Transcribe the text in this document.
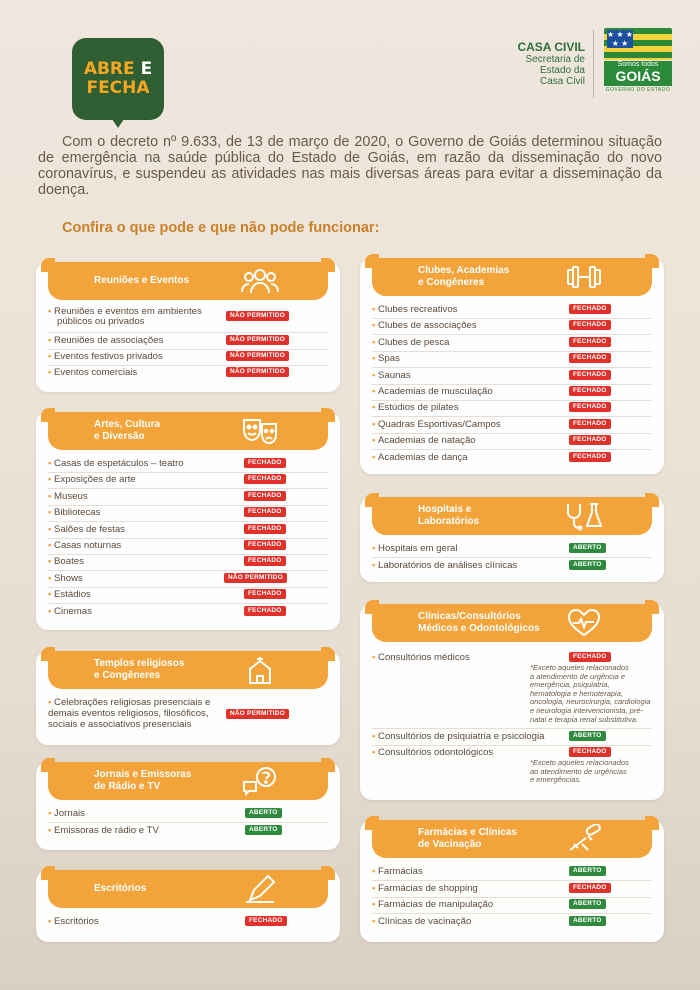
ABRE E
FECHA
CASA CIVIL
Secretaria de
Estado da
Casa Civil
★ ★ ★
★ ★
Somos todos
GOIÁS
GOVERNO DO ESTADO
Com o decreto nº 9.633, de 13 de março de 2020, o Governo de Goiás determinou situação de emergência na saúde pública do Estado de Goiás, em razão da disseminação do novo coronavírus, e suspendeu as atividades nas mais diversas áreas para evitar a disseminação da doença.
Confira o que pode e que não pode funcionar:
Reuniões e Eventos
• Reuniões e eventos em ambientes
públicos ou privados
NÃO PERMITIDO
• Reuniões de associações	NÃO PERMITIDO
• Eventos festivos privados	NÃO PERMITIDO
• Eventos comerciais	NÃO PERMITIDO
Artes, Cultura
e Diversão
• Casas de espetáculos – teatro	FECHADO
• Exposições de arte	FECHADO
• Museus	FECHADO
• Bibliotecas	FECHADO
• Salões de festas	FECHADO
• Casas noturnas	FECHADO
• Boates	FECHADO
• Shows	NÃO PERMITIDO
• Estádios	FECHADO
• Cinemas	FECHADO
Templos religiosos
e Congêneres
• Celebrações religiosas presenciais e
demais eventos religiosos, filosóficos,
sociais e associativos presenciais
NÃO PERMITIDO
Jornais e Emissoras
de Rádio e TV
• Jornais	ABERTO
• Emissoras de rádio e TV	ABERTO
Escritórios
• Escritórios	FECHADO
Clubes, Academias
e Congêneres
• Clubes recreativos	FECHADO
• Clubes de associações	FECHADO
• Clubes de pesca	FECHADO
• Spas	FECHADO
• Saunas	FECHADO
• Academias de musculação	FECHADO
• Estúdios de pilates	FECHADO
• Quadras Esportivas/Campos	FECHADO
• Academias de natação	FECHADO
• Academias de dança	FECHADO
Hospitais e
Laboratórios
• Hospitais em geral	ABERTO
• Laboratórios de análises clínicas	ABERTO
Clínicas/Consultórios
Médicos e Odontológicos
• Consultórios médicos	FECHADO
*Exceto aqueles relacionados
a atendimento de urgência e
emergência, psiquiatria,
hematologia e hemoterapia,
oncologia, neurocirurgia, cardiologia
e neurologia intervencionista, pré-
natal e terapia renal substitutiva.
• Consultórios de psiquiatria e psicologia	ABERTO
• Consultórios odontológicos	FECHADO
*Exceto aqueles relacionados
ao atendimento de urgências
e emergências.
Farmácias e Clínicas
de Vacinação
• Farmácias	ABERTO
• Farmácias de shopping	FECHADO
• Farmácias de manipulação	ABERTO
• Clínicas de vacinação	ABERTO
